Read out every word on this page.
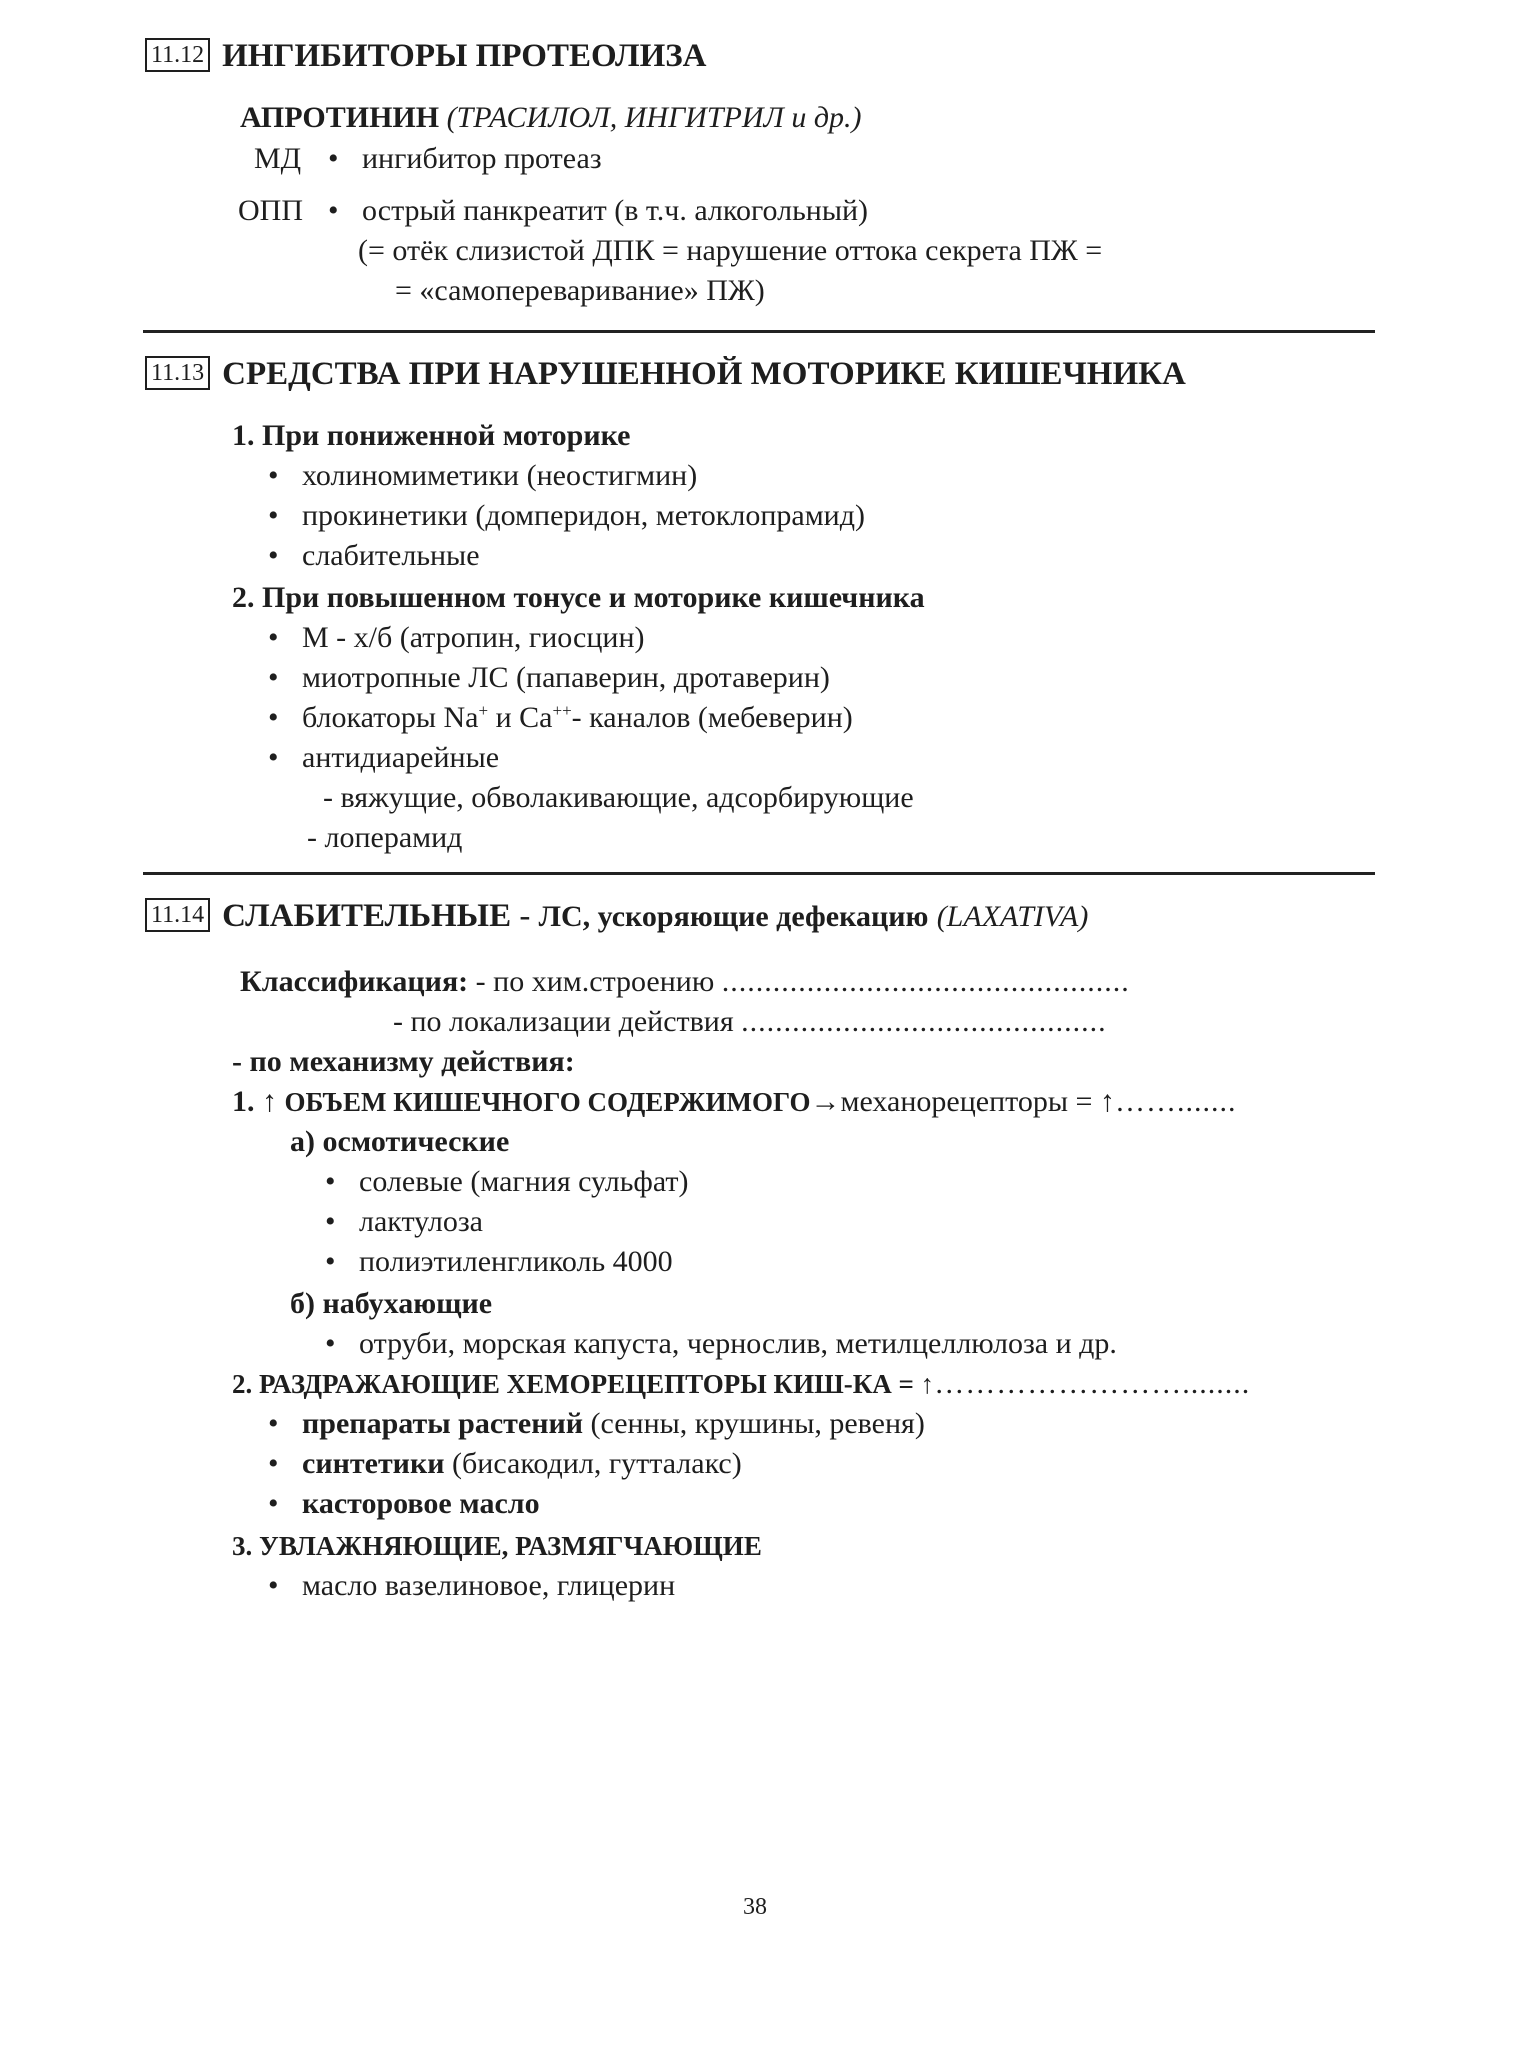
11.12 ИНГИБИТОРЫ ПРОТЕОЛИЗА
АПРОТИНИН (ТРАСИЛОЛ, ИНГИТРИЛ и др.)
МД • ингибитор протеаз
ОПП • острый панкреатит (в т.ч. алкогольный)
(= отёк слизистой ДПК = нарушение оттока секрета ПЖ =
= «самопереваривание» ПЖ)
11.13 СРЕДСТВА ПРИ НАРУШЕННОЙ МОТОРИКЕ КИШЕЧНИКА
1. При пониженной моторике
• холиномиметики (неостигмин)
• прокинетики (домперидон, метоклопрамид)
• слабительные
2. При повышенном тонусе и моторике кишечника
• М - х/б (атропин, гиосцин)
• миотропные ЛС (папаверин, дротаверин)
• блокаторы Na+ и Ca++- каналов (мебеверин)
• антидиарейные
- вяжущие, обволакивающие, адсорбирующие
- лоперамид
11.14 СЛАБИТЕЛЬНЫЕ - ЛС, ускоряющие дефекацию (LAXATIVA)
Классификация: - по хим.строению ................................................
- по локализации действия ...........................................
- по механизму действия:
1. ↑ ОБЪЕМ КИШЕЧНОГО СОДЕРЖИМОГО→механорецепторы = ↑…….......
а) осмотические
• солевые (магния сульфат)
• лактулоза
• полиэтиленгликоль 4000
б) набухающие
• отруби, морская капуста, чернослив, метилцеллюлоза и др.
2. РАЗДРАЖАЮЩИЕ ХЕМОРЕЦЕПТОРЫ КИШ-КА = ↑……………………........
• препараты растений (сенны, крушины, ревеня)
• синтетики (бисакодил, гутталакс)
• касторовое масло
3. УВЛАЖНЯЮЩИЕ, РАЗМЯГЧАЮЩИЕ
• масло вазелиновое, глицерин
38
